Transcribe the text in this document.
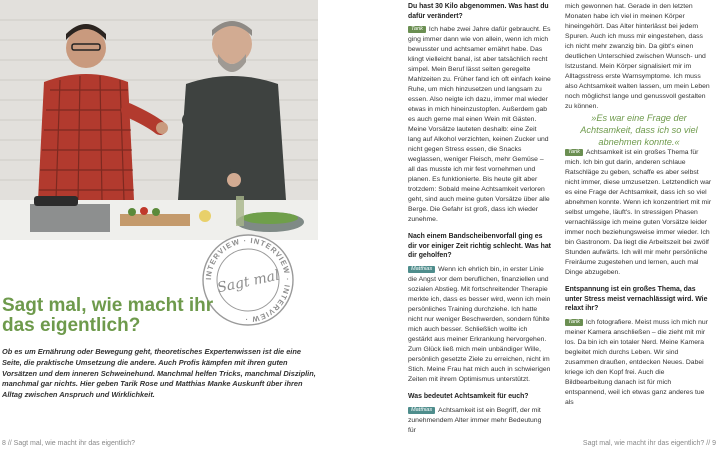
INTERVIEW · INTERVIEW · INTERVIEW ·
Sagt mal
Sagt mal, wie macht ihr das eigentlich?

Ob es um Ernährung oder Bewegung geht, theoretisches Expertenwissen ist die eine Seite, die praktische Umsetzung die andere. Auch Profis kämpfen mit ihren guten Vorsätzen und dem inneren Schweinehund. Manchmal helfen Tricks, manchmal Disziplin, manchmal gar nichts. Hier geben Tarik Rose und Matthias Manke Auskunft über ihren Alltag zwischen Anspruch und Wirklichkeit.

8 // Sagt mal, wie macht ihr das eigentlich?

Du hast 30 Kilo abgenommen. Was hast du dafür verändert?

Tarik Ich habe zwei Jahre dafür gebraucht. Es ging immer dann wie von allein, wenn ich mich bewusster und achtsamer ernährt habe. Das klingt vielleicht banal, ist aber tatsächlich recht simpel. Mein Beruf lässt selten geregelte Mahlzeiten zu. Früher fand ich oft einfach keine Ruhe, um mich hinzusetzen und langsam zu essen. Also neigte ich dazu, immer mal wieder etwas in mich hineinzustopfen. Außerdem gab es auch gerne mal einen Wein mit Gästen. Meine Vorsätze lauteten deshalb: eine Zeit lang auf Alkohol verzichten, keinen Zucker und nicht gegen Stress essen, die Snacks weglassen, weniger Fleisch, mehr Gemüse – all das musste ich mir fest vornehmen und planen. Es funktionierte. Bis heute gilt aber trotzdem: Sobald meine Achtsamkeit verloren geht, sind auch meine guten Vorsätze über alle Berge. Die Gefahr ist groß, dass ich wieder zunehme.

Nach einem Bandscheibenvorfall ging es dir vor einiger Zeit richtig schlecht. Was hat dir geholfen?

Matthias Wenn ich ehrlich bin, in erster Linie die Angst vor dem beruflichen, finanziellen und sozialen Abstieg. Mit fortschreitender Therapie merkte ich, dass es besser wird, wenn ich mein persönliches Training durchziehe. Ich hatte nicht nur weniger Beschwerden, sondern fühlte mich auch besser. Schließlich wollte ich gestärkt aus meiner Erkrankung hervorgehen. Zum Glück ließ mich mein unbändiger Wille, persönlich gesetzte Ziele zu erreichen, nicht im Stich. Meine Frau hat mich auch in schwierigen Zeiten mit ihrem Optimismus unterstützt.

Was bedeutet Achtsamkeit für euch?

Matthias Achtsamkeit ist ein Begriff, der mit zunehmendem Alter immer mehr Bedeutung für

mich gewonnen hat. Gerade in den letzten Monaten habe ich viel in meinen Körper hineingehört. Das Alter hinterlässt bei jedem Spuren. Auch ich muss mir eingestehen, dass ich nicht mehr zwanzig bin. Da gibt's einen deutlichen Unterschied zwischen Wunsch- und Istzustand. Mein Körper signalisiert mir im Alltagsstress erste Warnsymptome. Ich muss also Achtsamkeit walten lassen, um mein Leben noch möglichst lange und genussvoll gestalten zu können.

»Es war eine Frage der Achtsamkeit, dass ich so viel abnehmen konnte.«

Tarik Achtsamkeit ist ein großes Thema für mich. Ich bin gut darin, anderen schlaue Ratschläge zu geben, schaffe es aber selbst nicht immer, diese umzusetzen. Letztendlich war es eine Frage der Achtsamkeit, dass ich so viel abnehmen konnte. Wenn ich konzentriert mit mir selbst umgehe, läuft's. In stressigen Phasen vernachlässige ich meine guten Vorsätze leider immer noch beziehungsweise immer wieder. Ich bin Gastronom. Da liegt die Arbeitszeit bei zwölf Stunden aufwärts. Ich will mir mehr persönliche Freiräume zugestehen und lernen, auch mal Dinge abzugeben.

Entspannung ist ein großes Thema, das unter Stress meist vernachlässigt wird. Wie relaxt ihr?

Tarik Ich fotografiere. Meist muss ich mich nur meiner Kamera anschließen – die zieht mit mir los. Da bin ich ein totaler Nerd. Meine Kamera begleitet mich durchs Leben. Wir sind zusammen draußen, entdecken Neues. Dabei kriege ich den Kopf frei. Auch die Bildbearbeitung danach ist für mich entspannend, weil ich etwas ganz anderes tue als

Sagt mal, wie macht ihr das eigentlich? // 9
